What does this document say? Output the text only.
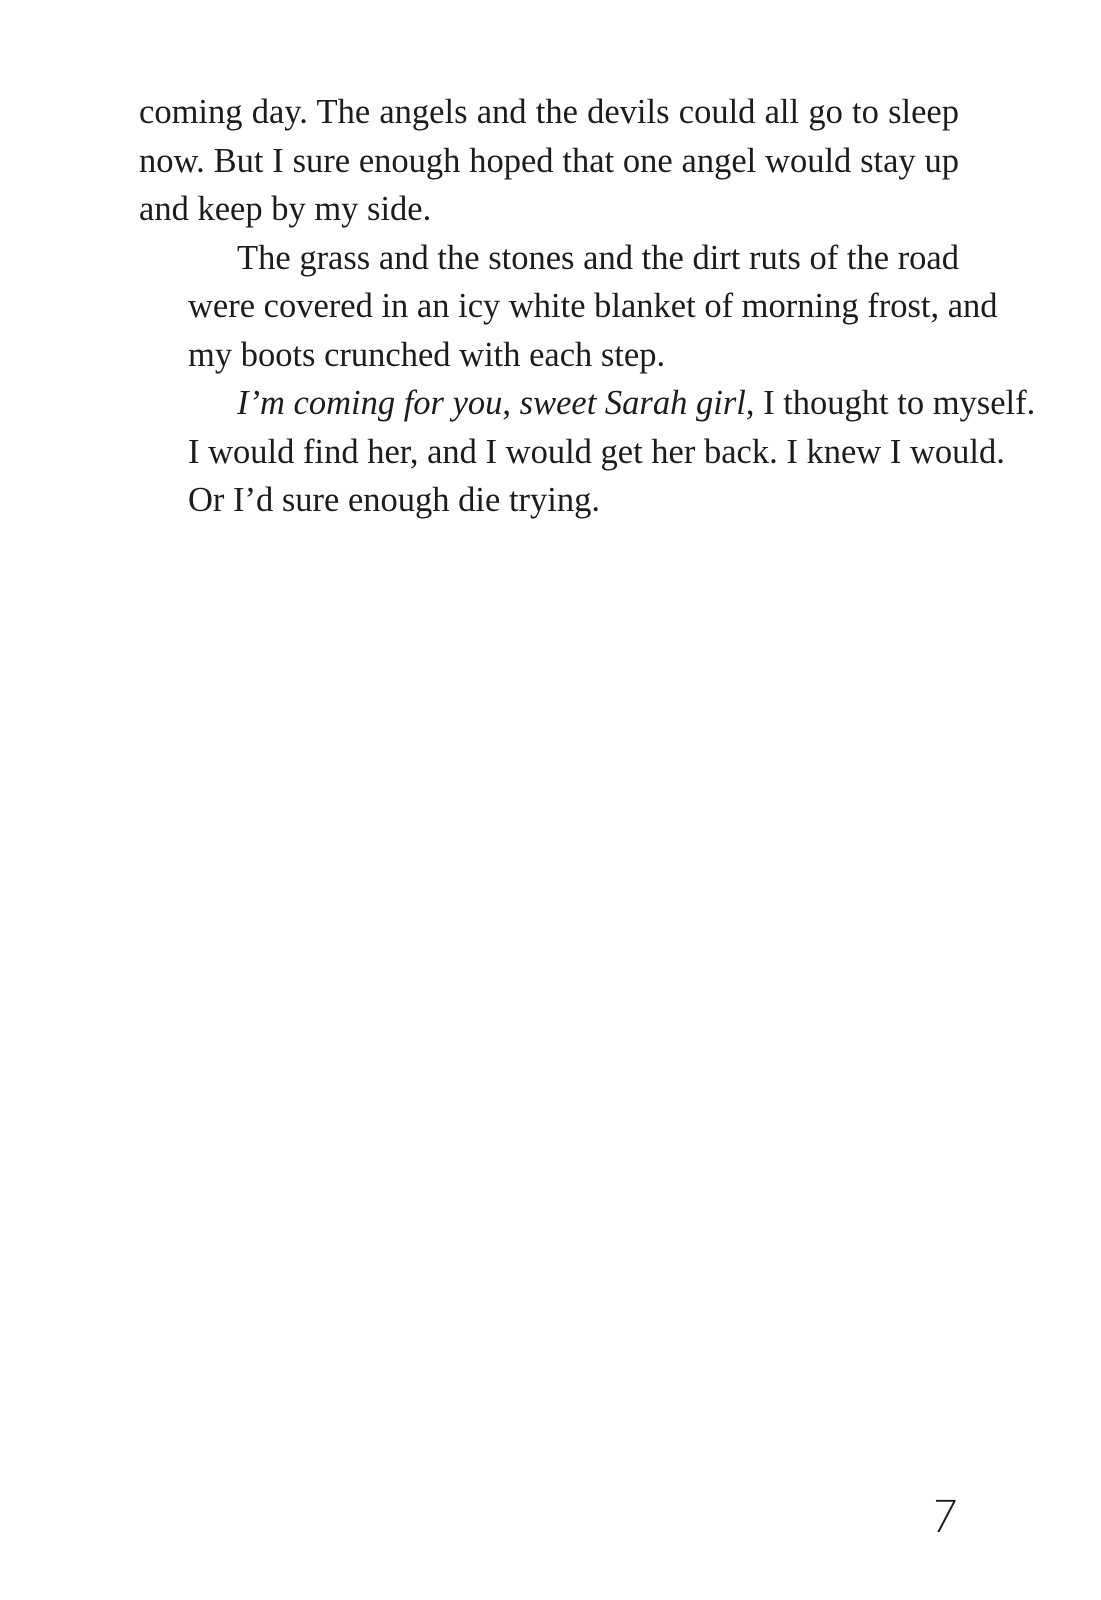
coming day. The angels and the devils could all go to sleep
now. But I sure enough hoped that one angel would stay up
and keep by my side.
The grass and the stones and the dirt ruts of the road
were covered in an icy white blanket of morning frost, and
my boots crunched with each step.
I’m coming for you, sweet Sarah girl, I thought to myself.
I would find her, and I would get her back. I knew I would.
Or I’d sure enough die trying.
7
